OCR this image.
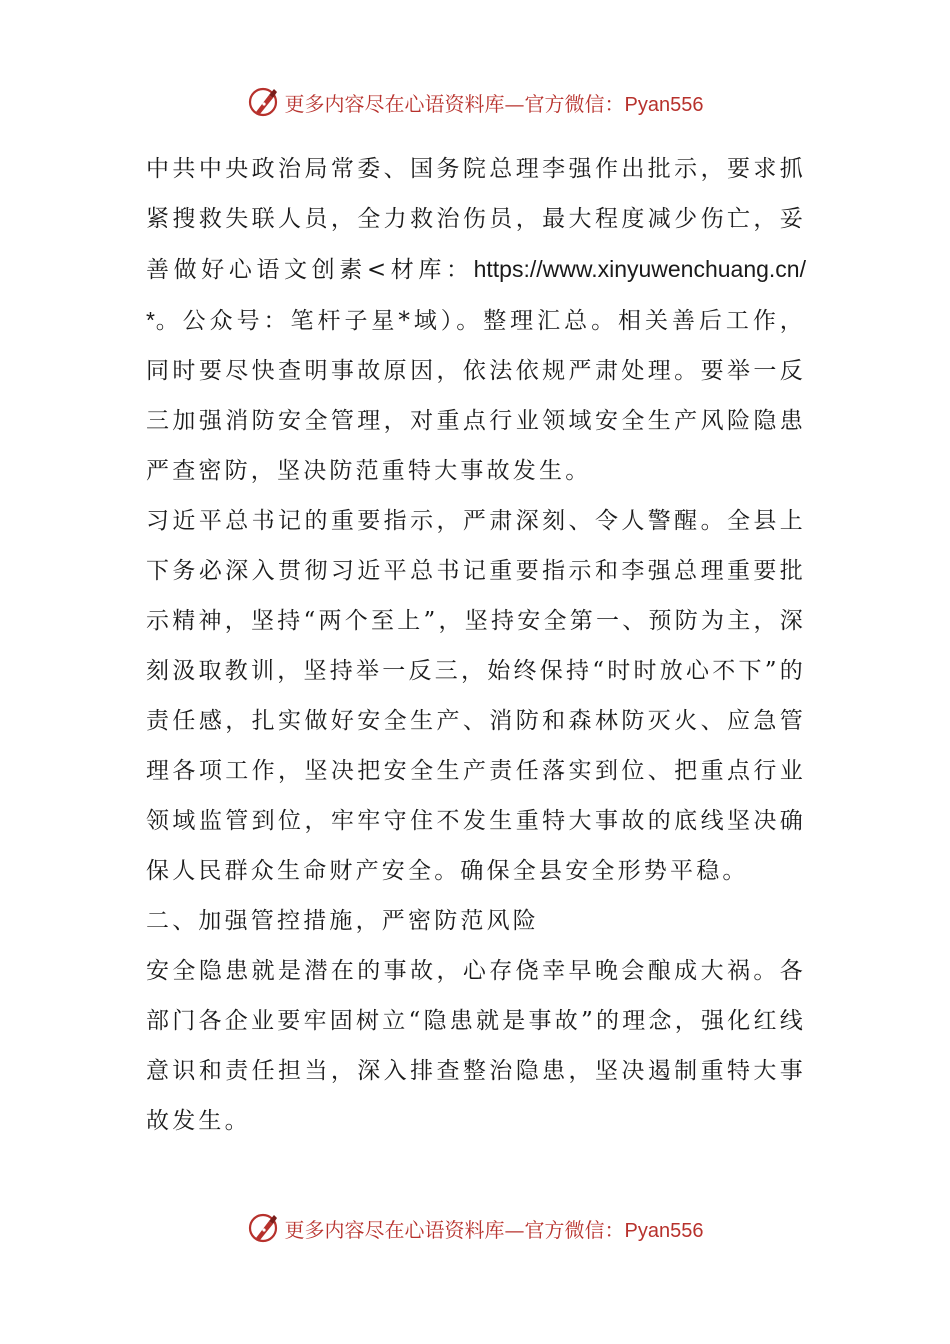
更多内容尽在心语资料库—官方微信：Pyan556

中共中央政治局常委、国务院总理李强作出批示，要求抓紧搜救失联人员，全力救治伤员，最大程度减少伤亡，妥善做好心语文创素<材库：https://www.xinyuwenchuang.cn/*。公众号：笔杆子星*域）。整理汇总。相关善后工作，同时要尽快查明事故原因，依法依规严肃处理。要举一反三加强消防安全管理，对重点行业领域安全生产风险隐患严查密防，坚决防范重特大事故发生。

习近平总书记的重要指示，严肃深刻、令人警醒。全县上下务必深入贯彻习近平总书记重要指示和李强总理重要批示精神，坚持“两个至上”，坚持安全第一、预防为主，深刻汲取教训，坚持举一反三，始终保持“时时放心不下”的责任感，扎实做好安全生产、消防和森林防灭火、应急管理各项工作，坚决把安全生产责任落实到位、把重点行业领域监管到位，牢牢守住不发生重特大事故的底线坚决确保人民群众生命财产安全。确保全县安全形势平稳。

二、加强管控措施，严密防范风险

安全隐患就是潜在的事故，心存侥幸早晚会酿成大祸。各部门各企业要牢固树立“隐患就是事故”的理念，强化红线意识和责任担当，深入排查整治隐患，坚决遏制重特大事故发生。

更多内容尽在心语资料库—官方微信：Pyan556
